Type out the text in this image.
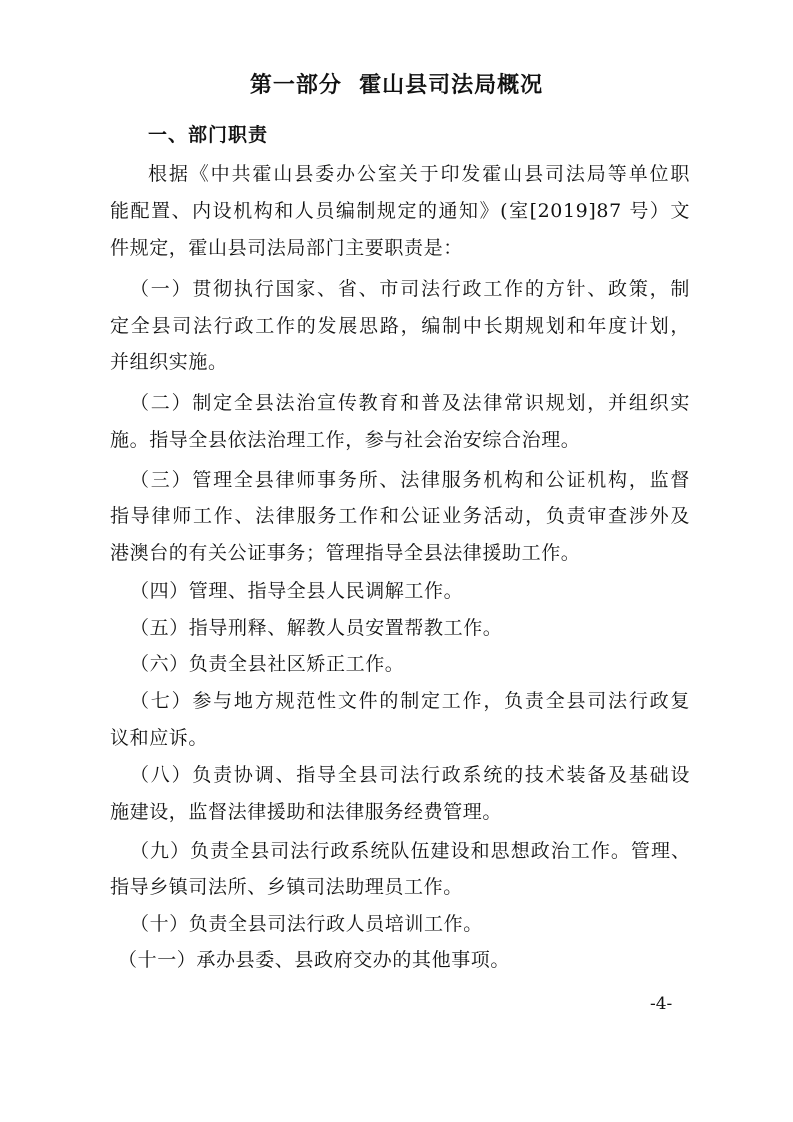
第一部分  霍山县司法局概况
一、部门职责
根据《中共霍山县委办公室关于印发霍山县司法局等单位职
能配置、内设机构和人员编制规定的通知》(室[2019]87 号）文
件规定，霍山县司法局部门主要职责是：
（一）贯彻执行国家、省、市司法行政工作的方针、政策，制
定全县司法行政工作的发展思路，编制中长期规划和年度计划，
并组织实施。
（二）制定全县法治宣传教育和普及法律常识规划，并组织实
施。指导全县依法治理工作，参与社会治安综合治理。
（三）管理全县律师事务所、法律服务机构和公证机构，监督
指导律师工作、法律服务工作和公证业务活动，负责审查涉外及
港澳台的有关公证事务；管理指导全县法律援助工作。
（四）管理、指导全县人民调解工作。
（五）指导刑释、解教人员安置帮教工作。
（六）负责全县社区矫正工作。
（七）参与地方规范性文件的制定工作，负责全县司法行政复
议和应诉。
（八）负责协调、指导全县司法行政系统的技术装备及基础设
施建设，监督法律援助和法律服务经费管理。
（九）负责全县司法行政系统队伍建设和思想政治工作。管理、
指导乡镇司法所、乡镇司法助理员工作。
（十）负责全县司法行政人员培训工作。
（十一）承办县委、县政府交办的其他事项。
-4-
